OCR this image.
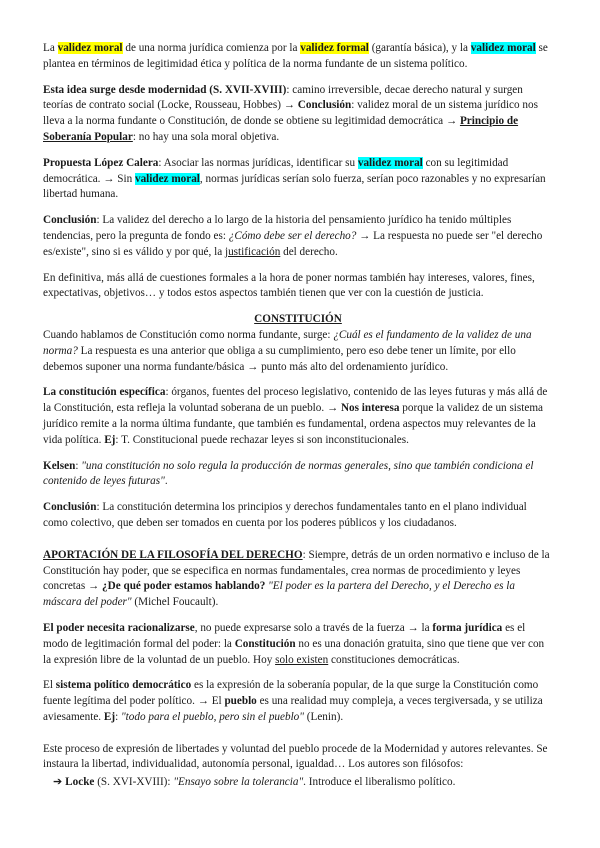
La validez moral de una norma jurídica comienza por la validez formal (garantía básica), y la validez moral se plantea en términos de legitimidad ética y política de la norma fundante de un sistema político.

Esta idea surge desde modernidad (S. XVII-XVIII): camino irreversible, decae derecho natural y surgen teorías de contrato social (Locke, Rousseau, Hobbes) → Conclusión: validez moral de un sistema jurídico nos lleva a la norma fundante o Constitución, de donde se obtiene su legitimidad democrática → Principio de Soberanía Popular: no hay una sola moral objetiva.

Propuesta López Calera: Asociar las normas jurídicas, identificar su validez moral con su legitimidad democrática. → Sin validez moral, normas jurídicas serían solo fuerza, serían poco razonables y no expresarían libertad humana.

Conclusión: La validez del derecho a lo largo de la historia del pensamiento jurídico ha tenido múltiples tendencias, pero la pregunta de fondo es: ¿Cómo debe ser el derecho? → La respuesta no puede ser "el derecho es/existe", sino si es válido y por qué, la justificación del derecho.

En definitiva, más allá de cuestiones formales a la hora de poner normas también hay intereses, valores, fines, expectativas, objetivos… y todos estos aspectos también tienen que ver con la cuestión de justicia.

CONSTITUCIÓN

Cuando hablamos de Constitución como norma fundante, surge: ¿Cuál es el fundamento de la validez de una norma? La respuesta es una anterior que obliga a su cumplimiento, pero eso debe tener un límite, por ello debemos suponer una norma fundante/básica → punto más alto del ordenamiento jurídico.

La constitución específica: órganos, fuentes del proceso legislativo, contenido de las leyes futuras y más allá de la Constitución, esta refleja la voluntad soberana de un pueblo. → Nos interesa porque la validez de un sistema jurídico remite a la norma última fundante, que también es fundamental, ordena aspectos muy relevantes de la vida política. Ej: T. Constitucional puede rechazar leyes si son inconstitucionales.

Kelsen: "una constitución no solo regula la producción de normas generales, sino que también condiciona el contenido de leyes futuras".

Conclusión: La constitución determina los principios y derechos fundamentales tanto en el plano individual como colectivo, que deben ser tomados en cuenta por los poderes públicos y los ciudadanos.

APORTACIÓN DE LA FILOSOFÍA DEL DERECHO: Siempre, detrás de un orden normativo e incluso de la Constitución hay poder, que se especifica en normas fundamentales, crea normas de procedimiento y leyes concretas → ¿De qué poder estamos hablando? "El poder es la partera del Derecho, y el Derecho es la máscara del poder" (Michel Foucault).

El poder necesita racionalizarse, no puede expresarse solo a través de la fuerza → la forma jurídica es el modo de legitimación formal del poder: la Constitución no es una donación gratuita, sino que tiene que ver con la expresión libre de la voluntad de un pueblo. Hoy solo existen constituciones democráticas.

El sistema político democrático es la expresión de la soberanía popular, de la que surge la Constitución como fuente legítima del poder político. → El pueblo es una realidad muy compleja, a veces tergiversada, y se utiliza aviesamente. Ej: "todo para el pueblo, pero sin el pueblo" (Lenin).

Este proceso de expresión de libertades y voluntad del pueblo procede de la Modernidad y autores relevantes. Se instaura la libertad, individualidad, autonomía personal, igualdad… Los autores son filósofos:

➔ Locke (S. XVI-XVIII): "Ensayo sobre la tolerancia". Introduce el liberalismo político.
